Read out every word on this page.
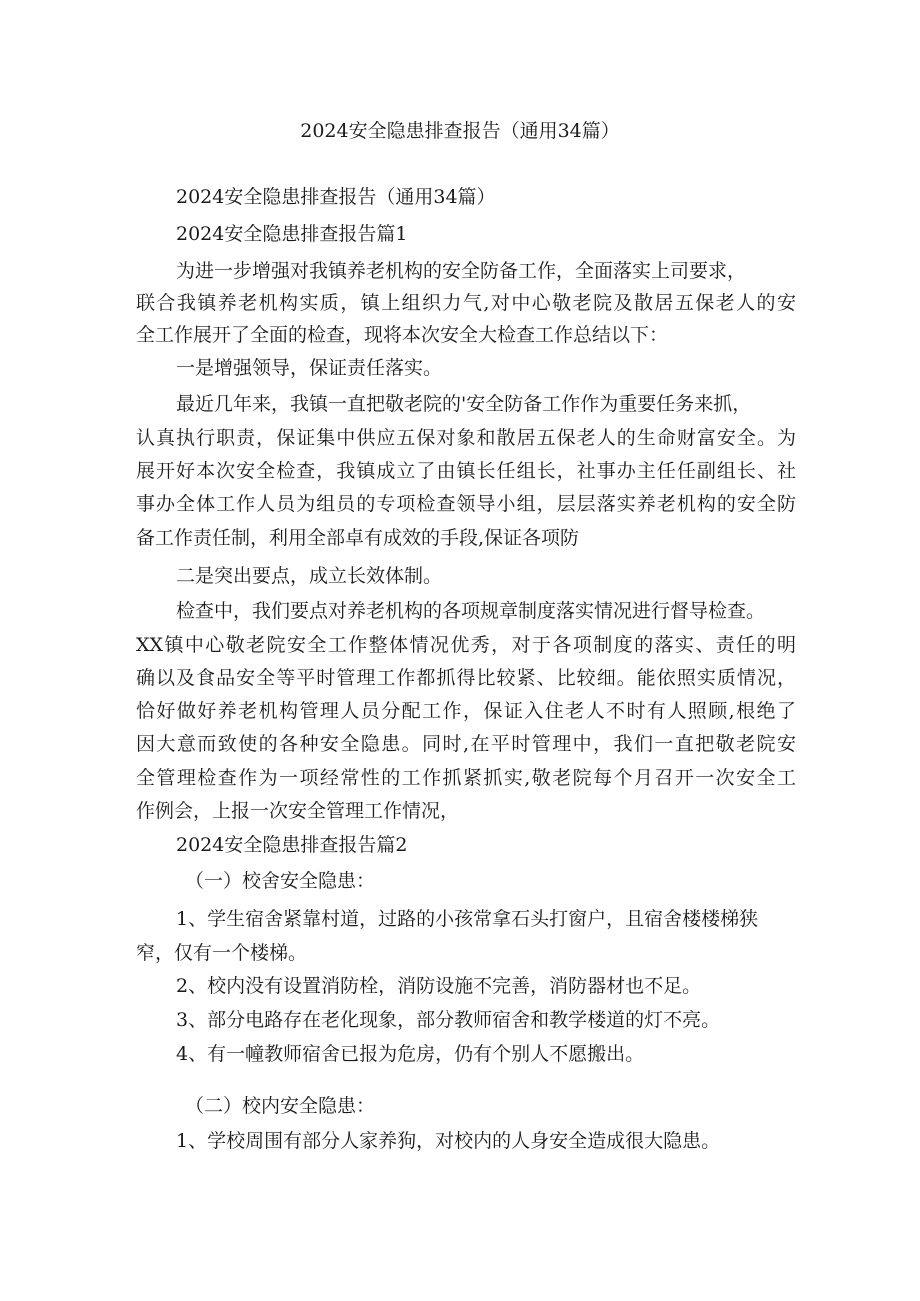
2024安全隐患排查报告（通用34篇）
2024安全隐患排查报告（通用34篇）
2024安全隐患排查报告篇1
为进一步增强对我镇养老机构的安全防备工作，全面落实上司要求，
联合我镇养老机构实质，镇上组织力气,对中心敬老院及散居五保老人的安
全工作展开了全面的检查，现将本次安全大检查工作总结以下：
一是增强领导，保证责任落实。
最近几年来，我镇一直把敬老院的'安全防备工作作为重要任务来抓，
认真执行职责，保证集中供应五保对象和散居五保老人的生命财富安全。为
展开好本次安全检查，我镇成立了由镇长任组长，社事办主任任副组长、社
事办全体工作人员为组员的专项检查领导小组，层层落实养老机构的安全防
备工作责任制，利用全部卓有成效的手段,保证各项防
二是突出要点，成立长效体制。
检查中，我们要点对养老机构的各项规章制度落实情况进行督导检查。
XX镇中心敬老院安全工作整体情况优秀，对于各项制度的落实、责任的明
确以及食品安全等平时管理工作都抓得比较紧、比较细。能依照实质情况，
恰好做好养老机构管理人员分配工作，保证入住老人不时有人照顾,根绝了
因大意而致使的各种安全隐患。同时,在平时管理中，我们一直把敬老院安
全管理检查作为一项经常性的工作抓紧抓实,敬老院每个月召开一次安全工
作例会，上报一次安全管理工作情况，
2024安全隐患排查报告篇2
（一）校舍安全隐患：
1、学生宿舍紧靠村道，过路的小孩常拿石头打窗户，且宿舍楼楼梯狭
窄，仅有一个楼梯。
2、校内没有设置消防栓，消防设施不完善，消防器材也不足。
3、部分电路存在老化现象，部分教师宿舍和教学楼道的灯不亮。
4、有一幢教师宿舍已报为危房，仍有个别人不愿搬出。
（二）校内安全隐患：
1、学校周围有部分人家养狗，对校内的人身安全造成很大隐患。
